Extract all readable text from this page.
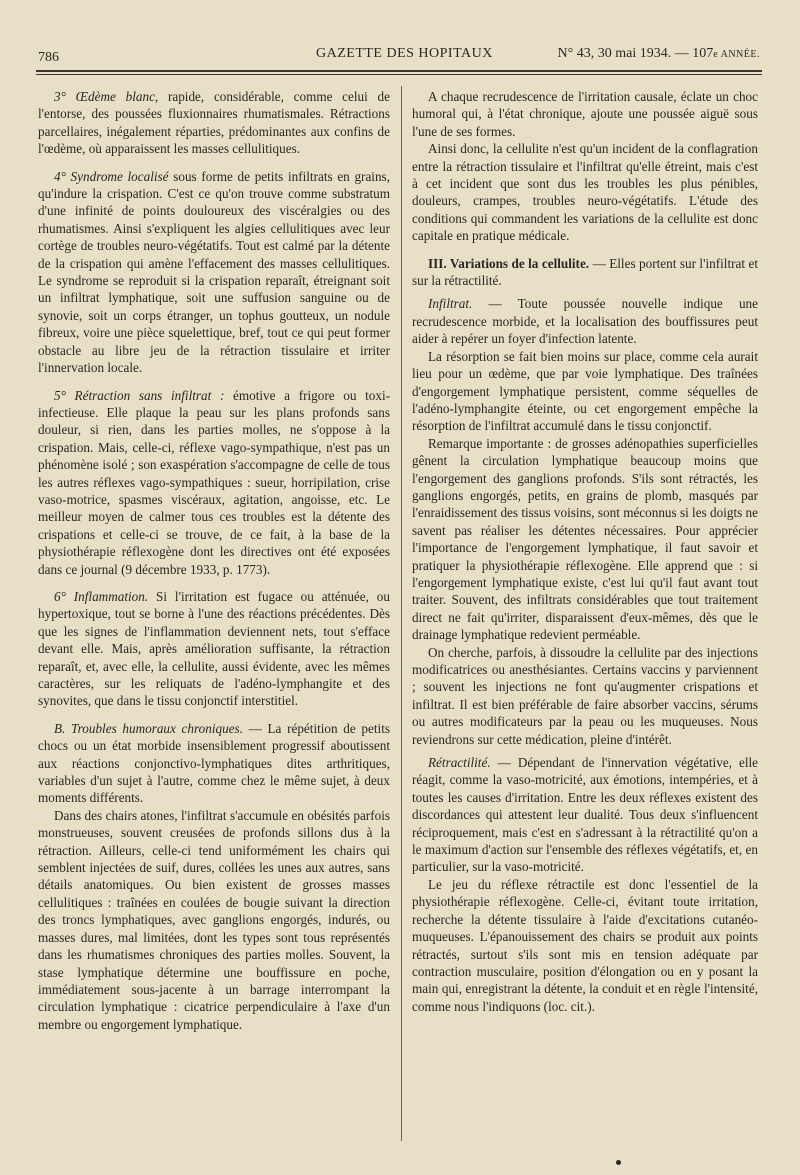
786	GAZETTE DES HOPITAUX	N° 43, 30 mai 1934. — 107e ANNÉE.

3° Œdème blanc, rapide, considérable, comme celui de l'entorse, des poussées fluxionnaires rhumatismales. Rétractions parcellaires, inégalement réparties, prédominantes aux confins de l'œdème, où apparaissent les masses cellulitiques.

4° Syndrome localisé sous forme de petits infiltrats en grains, qu'indure la crispation. C'est ce qu'on trouve comme substratum d'une infinité de points douloureux des viscéralgies ou des rhumatismes. Ainsi s'expliquent les algies cellulitiques avec leur cortège de troubles neuro-végétatifs. Tout est calmé par la détente de la crispation qui amène l'effacement des masses cellulitiques. Le syndrome se reproduit si la crispation reparaît, étreignant soit un infiltrat lymphatique, soit une suffusion sanguine ou de synovie, soit un corps étranger, un tophus goutteux, un nodule fibreux, voire une pièce squelettique, bref, tout ce qui peut former obstacle au libre jeu de la rétraction tissulaire et irriter l'innervation locale.

5° Rétraction sans infiltrat : émotive a frigore ou toxi-infectieuse. Elle plaque la peau sur les plans profonds sans douleur, si rien, dans les parties molles, ne s'oppose à la crispation. Mais, celle-ci, réflexe vago-sympathique, n'est pas un phénomène isolé ; son exaspération s'accompagne de celle de tous les autres réflexes vago-sympathiques : sueur, horripilation, crise vaso-motrice, spasmes viscéraux, agitation, angoisse, etc. Le meilleur moyen de calmer tous ces troubles est la détente des crispations et celle-ci se trouve, de ce fait, à la base de la physiothérapie réflexogène dont les directives ont été exposées dans ce journal (9 décembre 1933, p. 1773).

6° Inflammation. Si l'irritation est fugace ou atténuée, ou hypertoxique, tout se borne à l'une des réactions précédentes. Dès que les signes de l'inflammation deviennent nets, tout s'efface devant elle. Mais, après amélioration suffisante, la rétraction reparaît, et, avec elle, la cellulite, aussi évidente, avec les mêmes caractères, sur les reliquats de l'adéno-lymphangite et des synovites, que dans le tissu conjonctif interstitiel.

B. Troubles humoraux chroniques. — La répétition de petits chocs ou un état morbide insensiblement progressif aboutissent aux réactions conjonctivo-lymphatiques dites arthritiques, variables d'un sujet à l'autre, comme chez le même sujet, à deux moments différents.

Dans des chairs atones, l'infiltrat s'accumule en obésités parfois monstrueuses, souvent creusées de profonds sillons dus à la rétraction. Ailleurs, celle-ci tend uniformément les chairs qui semblent injectées de suif, dures, collées les unes aux autres, sans détails anatomiques. Ou bien existent de grosses masses cellulitiques : traînées en coulées de bougie suivant la direction des troncs lymphatiques, avec ganglions engorgés, indurés, ou masses dures, mal limitées, dont les types sont tous représentés dans les rhumatismes chroniques des parties molles. Souvent, la stase lymphatique détermine une bouffissure en poche, immédiatement sous-jacente à un barrage interrompant la circulation lymphatique : cicatrice perpendiculaire à l'axe d'un membre ou engorgement lymphatique.

A chaque recrudescence de l'irritation causale, éclate un choc humoral qui, à l'état chronique, ajoute une poussée aiguë sous l'une de ses formes.

Ainsi donc, la cellulite n'est qu'un incident de la conflagration entre la rétraction tissulaire et l'infiltrat qu'elle étreint, mais c'est à cet incident que sont dus les troubles les plus pénibles, douleurs, crampes, troubles neuro-végétatifs. L'étude des conditions qui commandent les variations de la cellulite est donc capitale en pratique médicale.

III. Variations de la cellulite. — Elles portent sur l'infiltrat et sur la rétractilité.

Infiltrat. — Toute poussée nouvelle indique une recrudescence morbide, et la localisation des bouffissures peut aider à repérer un foyer d'infection latente.

La résorption se fait bien moins sur place, comme cela aurait lieu pour un œdème, que par voie lymphatique. Des traînées d'engorgement lymphatique persistent, comme séquelles de l'adéno-lymphangite éteinte, ou cet engorgement empêche la résorption de l'infiltrat accumulé dans le tissu conjonctif.

Remarque importante : de grosses adénopathies superficielles gênent la circulation lymphatique beaucoup moins que l'engorgement des ganglions profonds. S'ils sont rétractés, les ganglions engorgés, petits, en grains de plomb, masqués par l'enraidissement des tissus voisins, sont méconnus si les doigts ne savent pas réaliser les détentes nécessaires. Pour apprécier l'importance de l'engorgement lymphatique, il faut savoir et pratiquer la physiothérapie réflexogène. Elle apprend que : si l'engorgement lymphatique existe, c'est lui qu'il faut avant tout traiter. Souvent, des infiltrats considérables que tout traitement direct ne fait qu'irriter, disparaissent d'eux-mêmes, dès que le drainage lymphatique redevient perméable.

On cherche, parfois, à dissoudre la cellulite par des injections modificatrices ou anesthésiantes. Certains vaccins y parviennent ; souvent les injections ne font qu'augmenter crispations et infiltrat. Il est bien préférable de faire absorber vaccins, sérums ou autres modificateurs par la peau ou les muqueuses. Nous reviendrons sur cette médication, pleine d'intérêt.

Rétractilité. — Dépendant de l'innervation végétative, elle réagit, comme la vaso-motricité, aux émotions, intempéries, et à toutes les causes d'irritation. Entre les deux réflexes existent des discordances qui attestent leur dualité. Tous deux s'influencent réciproquement, mais c'est en s'adressant à la rétractilité qu'on a le maximum d'action sur l'ensemble des réflexes végétatifs, et, en particulier, sur la vaso-motricité.

Le jeu du réflexe rétractile est donc l'essentiel de la physiothérapie réflexogène. Celle-ci, évitant toute irritation, recherche la détente tissulaire à l'aide d'excitations cutanéo-muqueuses. L'épanouissement des chairs se produit aux points rétractés, surtout s'ils sont mis en tension adéquate par contraction musculaire, position d'élongation ou en y posant la main qui, enregistrant la détente, la conduit et en règle l'intensité, comme nous l'indiquons (loc. cit.).
